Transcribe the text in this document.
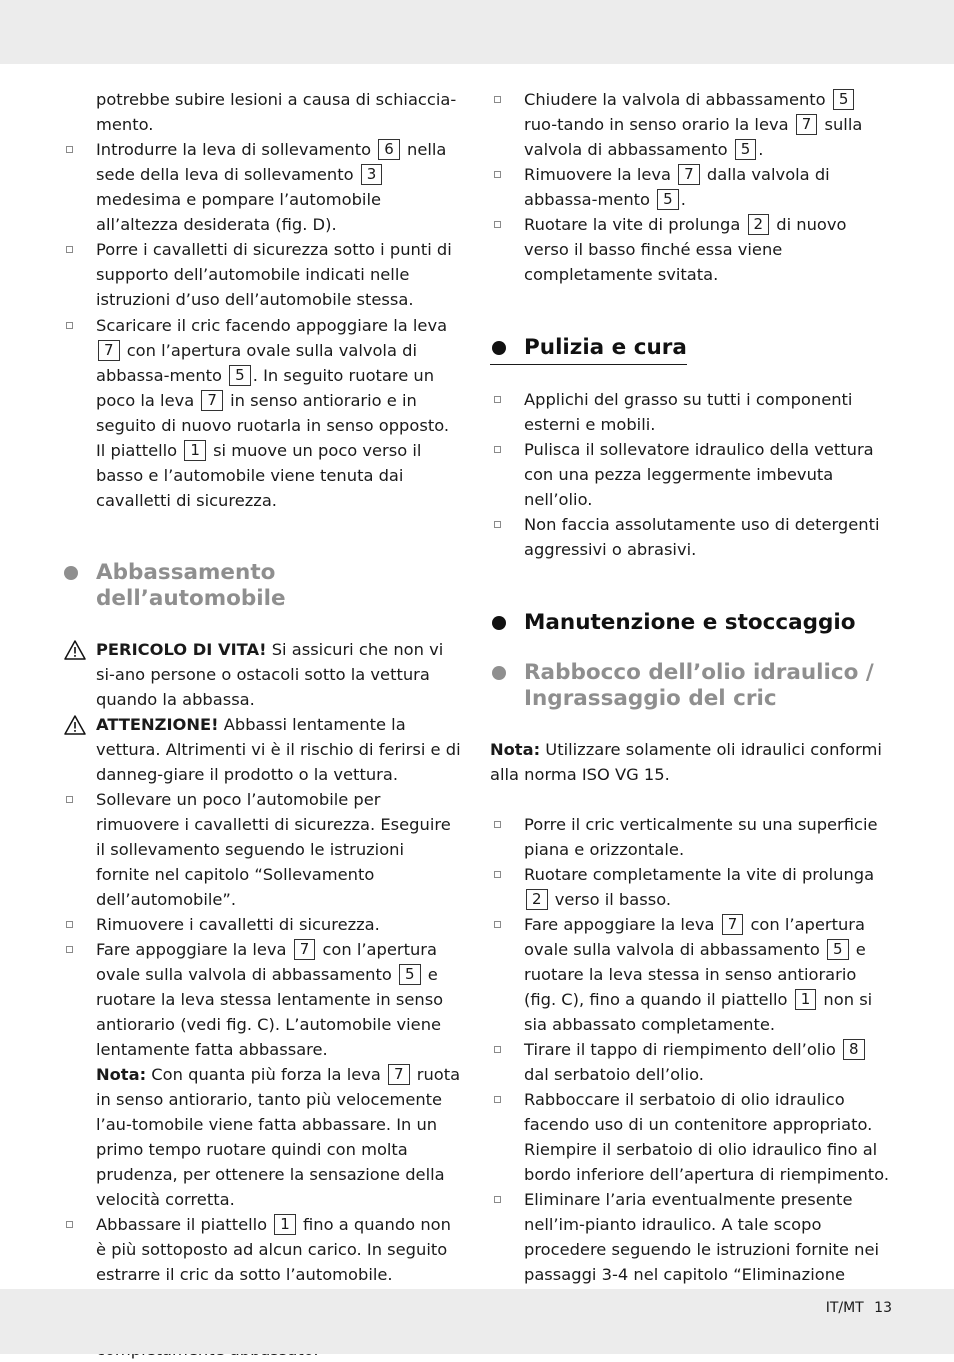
potrebbe subire lesioni a causa di schiaccia-mento.

Introdurre la leva di sollevamento 6 nella sede della leva di sollevamento 3 medesima e pompare l’automobile all’altezza desiderata (fig. D).

Porre i cavalletti di sicurezza sotto i punti di supporto dell’automobile indicati nelle istruzioni d’uso dell’automobile stessa.

Scaricare il cric facendo appoggiare la leva 7 con l’apertura ovale sulla valvola di abbassa-mento 5 . In seguito ruotare un poco la leva 7 in senso antiorario e in seguito di nuovo ruotarla in senso opposto. Il piattello 1 si muove un poco verso il basso e l’automobile viene tenuta dai cavalletti di sicurezza.

Abbassamento dell’automobile

PERICOLO DI VITA! Si assicuri che non vi si-ano persone o ostacoli sotto la vettura quando la abbassa.

ATTENZIONE! Abbassi lentamente la vettura. Altrimenti vi è il rischio di ferirsi e di danneg-giare il prodotto o la vettura.

Sollevare un poco l’automobile per rimuovere i cavalletti di sicurezza. Eseguire il sollevamento seguendo le istruzioni fornite nel capitolo “Sollevamento dell’automobile”.

Rimuovere i cavalletti di sicurezza.

Fare appoggiare la leva 7 con l’apertura ovale sulla valvola di abbassamento 5 e ruotare la leva stessa lentamente in senso antiorario (vedi fig. C). L’automobile viene lentamente fatta abbassare.

Nota: Con quanta più forza la leva 7 ruota in senso antiorario, tanto più velocemente l’au-tomobile viene fatta abbassare. In un primo tempo ruotare quindi con molta prudenza, per ottenere la sensazione della velocità corretta.

Abbassare il piattello 1 fino a quando non è più sottoposto ad alcun carico. In seguito estrarre il cric da sotto l’automobile.

Chiudere la valvola di abbassamento 5 ruo-tando in senso orario la leva 7 sulla valvola di abbassamento 5 .

Rimuovere la leva 7 dalla valvola di abbassa-mento 5 .

Ruotare la vite di prolunga 2 di nuovo verso il basso finché essa viene completamente svitata.

Pulizia e cura

Applichi del grasso su tutti i componenti esterni e mobili.

Pulisca il sollevatore idraulico della vettura con una pezza leggermente imbevuta nell’olio.

Non faccia assolutamente uso di detergenti aggressivi o abrasivi.

Manutenzione e stoccaggio
Rabbocco dell’olio idraulico / Ingrassaggio del cric

Nota: Utilizzare solamente oli idraulici conformi alla norma ISO VG 15.

Porre il cric verticalmente su una superficie piana e orizzontale.

Ruotare completamente la vite di prolunga 2 verso il basso.

Fare appoggiare la leva 7 con l’apertura ovale sulla valvola di abbassamento 5 e ruotare la leva stessa in senso antiorario (fig. C), fino a quando il piattello 1 non si sia abbassato completamente.

Tirare il tappo di riempimento dell’olio 8 dal serbatoio dell’olio.

Rabboccare il serbatoio di olio idraulico facendo uso di un contenitore appropriato. Riempire il serbatoio di olio idraulico fino al bordo inferiore dell’apertura di riempimento.

Eliminare l’aria eventualmente presente nell’im-pianto idraulico. A tale scopo procedere seguendo le istruzioni fornite nei passaggi 3-4 nel capitolo “Eliminazione

IT/MT 13
